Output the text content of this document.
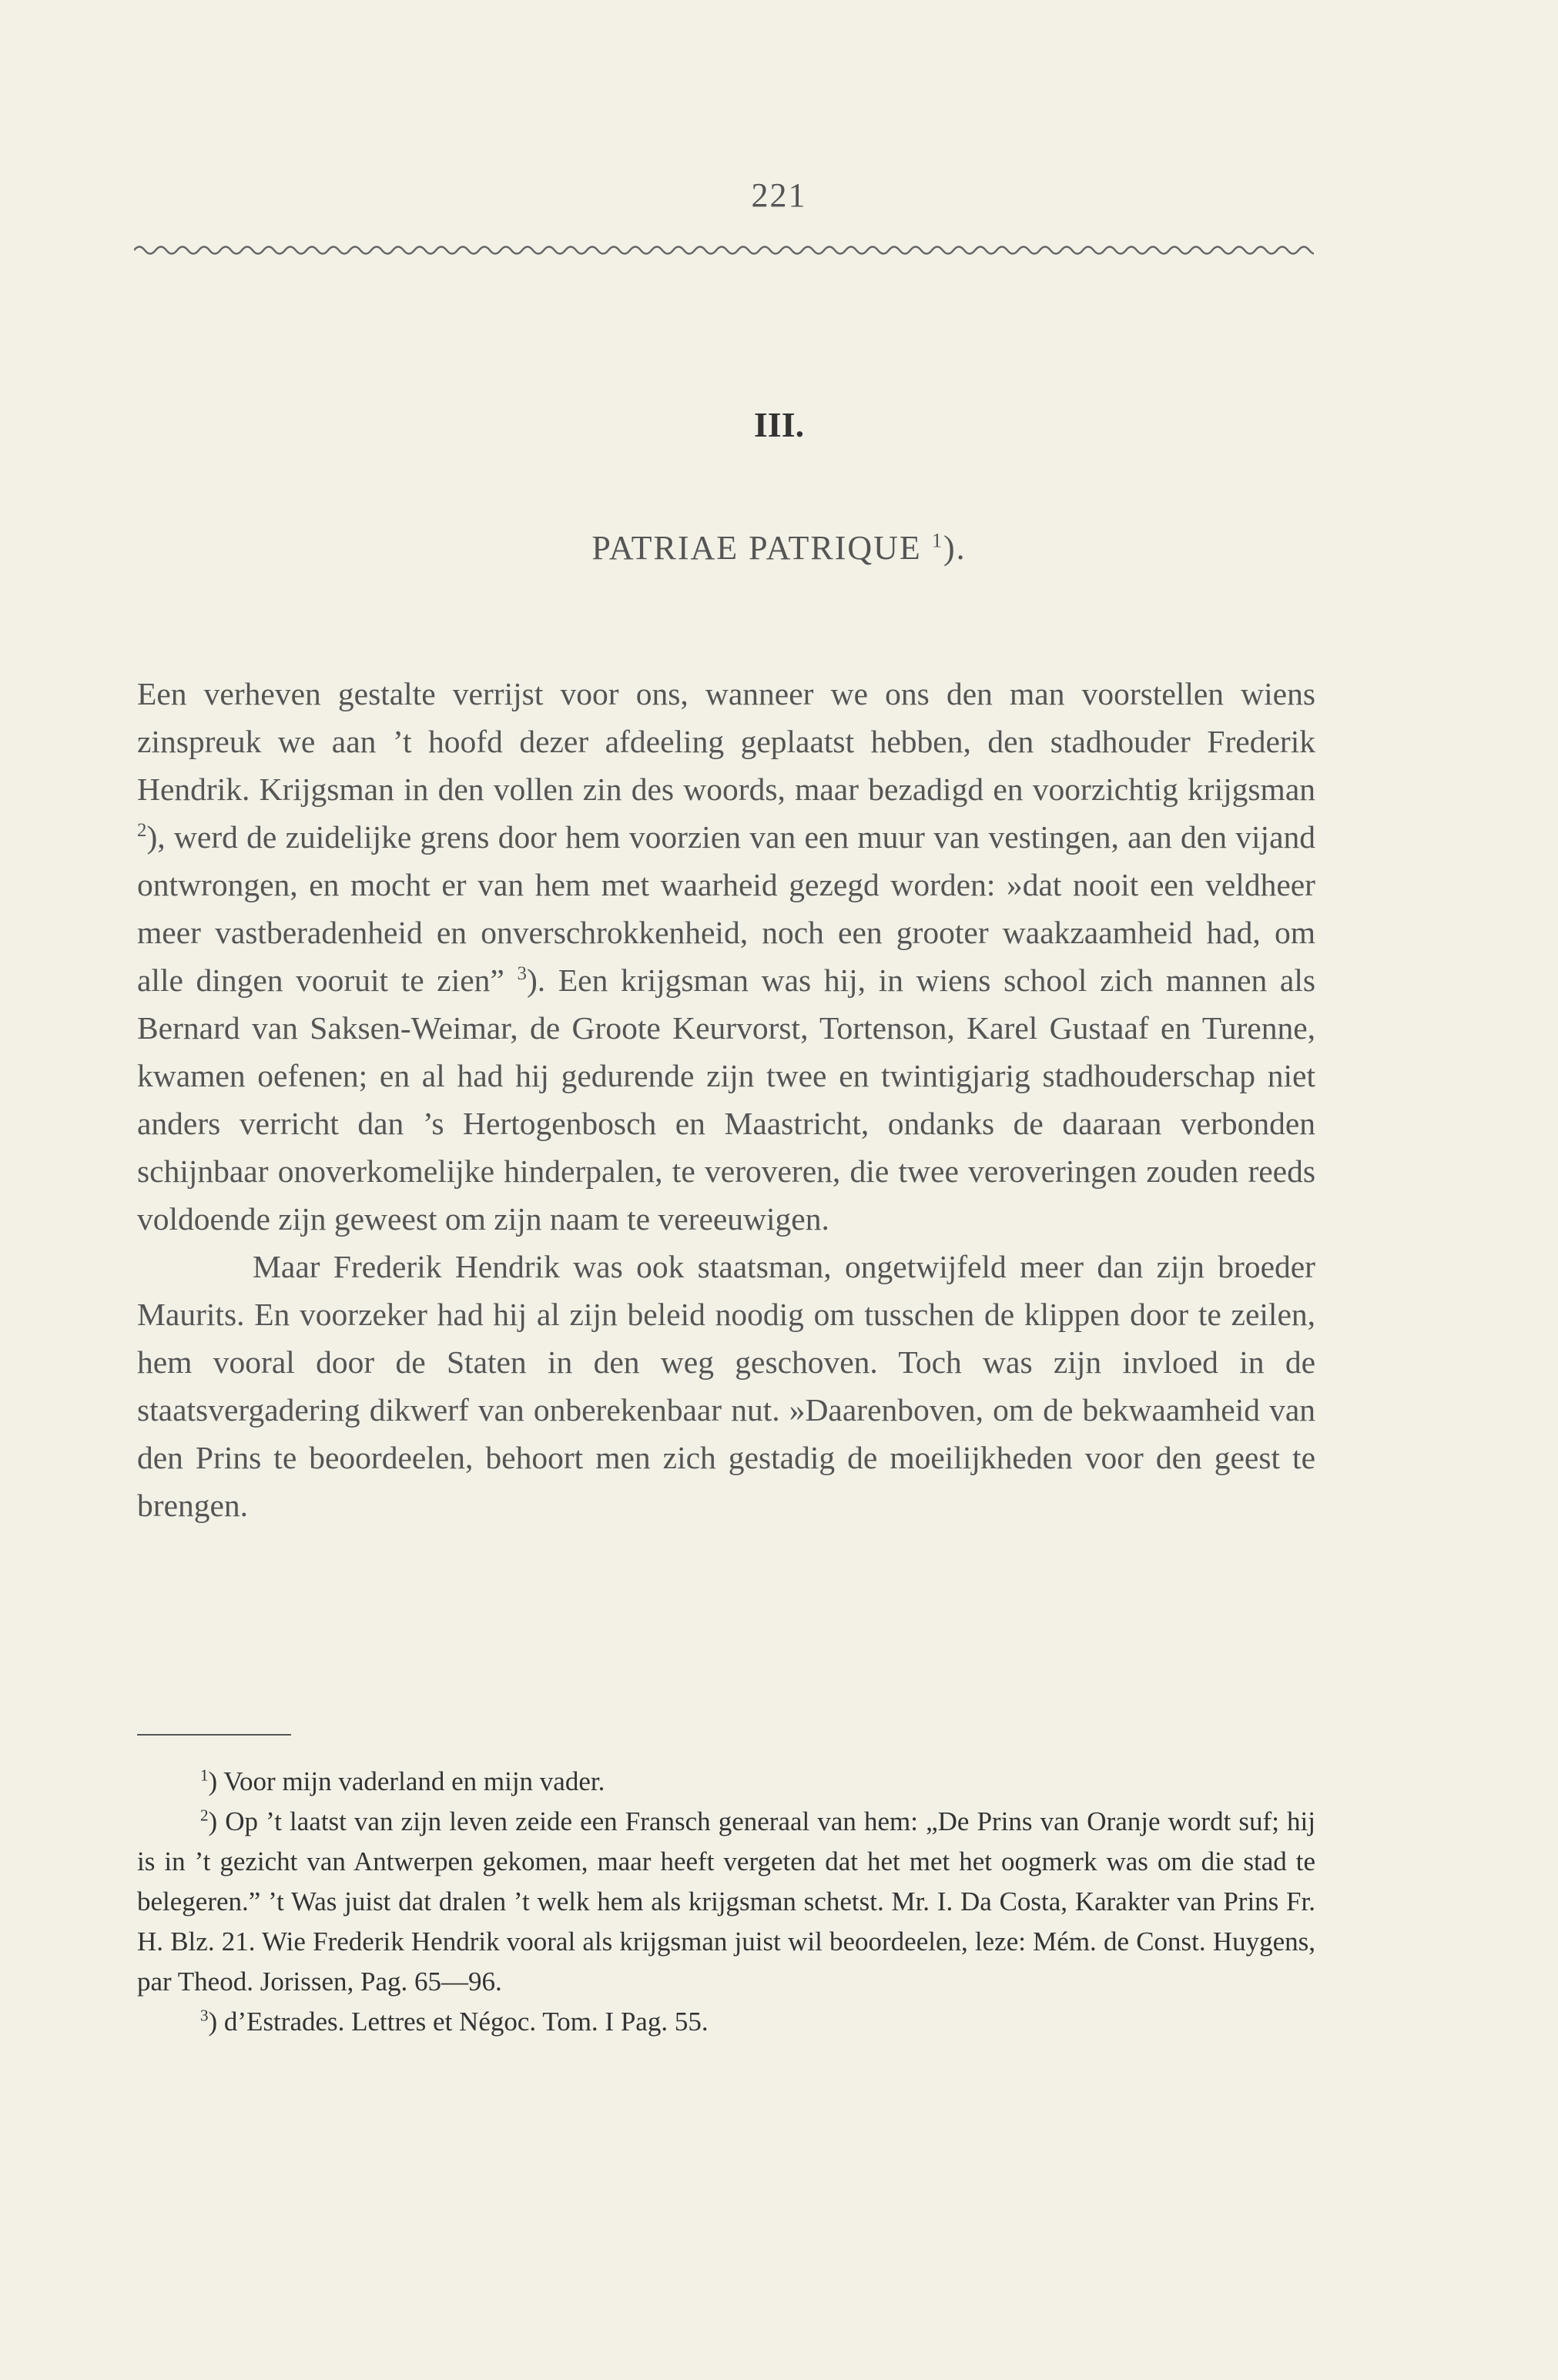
221
III.
PATRIAE PATRIQUE $^1$).

Een verheven gestalte verrijst voor ons, wanneer we ons den man voorstellen wiens zinspreuk we aan ’t hoofd dezer afdeeling geplaatst hebben, den stadhouder Frederik Hendrik. Krijgsman in den vollen zin des woords, maar bezadigd en voorzichtig krijgsman $^2$), werd de zuidelijke grens door hem voorzien van een muur van vestingen, aan den vijand ontwrongen, en mocht er van hem met waarheid gezegd worden: »dat nooit een veldheer meer vastberadenheid en onverschrokkenheid, noch een grooter waakzaamheid had, om alle dingen vooruit te zien” $^3$). Een krijgsman was hij, in wiens school zich mannen als Bernard van Saksen-Weimar, de Groote Keurvorst, Tortenson, Karel Gustaaf en Turenne, kwamen oefenen; en al had hij gedurende zijn twee en twintigjarig stadhouderschap niet anders verricht dan ’s Hertogenbosch en Maastricht, ondanks de daaraan verbonden schijnbaar onoverkomelijke hinderpalen, te veroveren, die twee veroveringen zouden reeds voldoende zijn geweest om zijn naam te vereeuwigen.

Maar Frederik Hendrik was ook staatsman, ongetwijfeld meer dan zijn broeder Maurits. En voorzeker had hij al zijn beleid noodig om tusschen de klippen door te zeilen, hem vooral door de Staten in den weg geschoven. Toch was zijn invloed in de staatsvergadering dikwerf van onberekenbaar nut. »Daarenboven, om de bekwaamheid van den Prins te beoordeelen, behoort men zich gestadig de moeilijkheden voor den geest te brengen.

$^1$) Voor mijn vaderland en mijn vader.

$^2$) Op ’t laatst van zijn leven zeide een Fransch generaal van hem: „De Prins van Oranje wordt suf; hij is in ’t gezicht van Antwerpen gekomen, maar heeft vergeten dat het met het oogmerk was om die stad te belegeren.” ’t Was juist dat dralen ’t welk hem als krijgsman schetst. Mr. I. Da Costa, Karakter van Prins Fr. H. Blz. 21. Wie Frederik Hendrik vooral als krijgsman juist wil beoordeelen, leze: Mém. de Const. Huygens, par Theod. Jorissen, Pag. 65—96.

$^3$) d’Estrades. Lettres et Négoc. Tom. I Pag. 55.
